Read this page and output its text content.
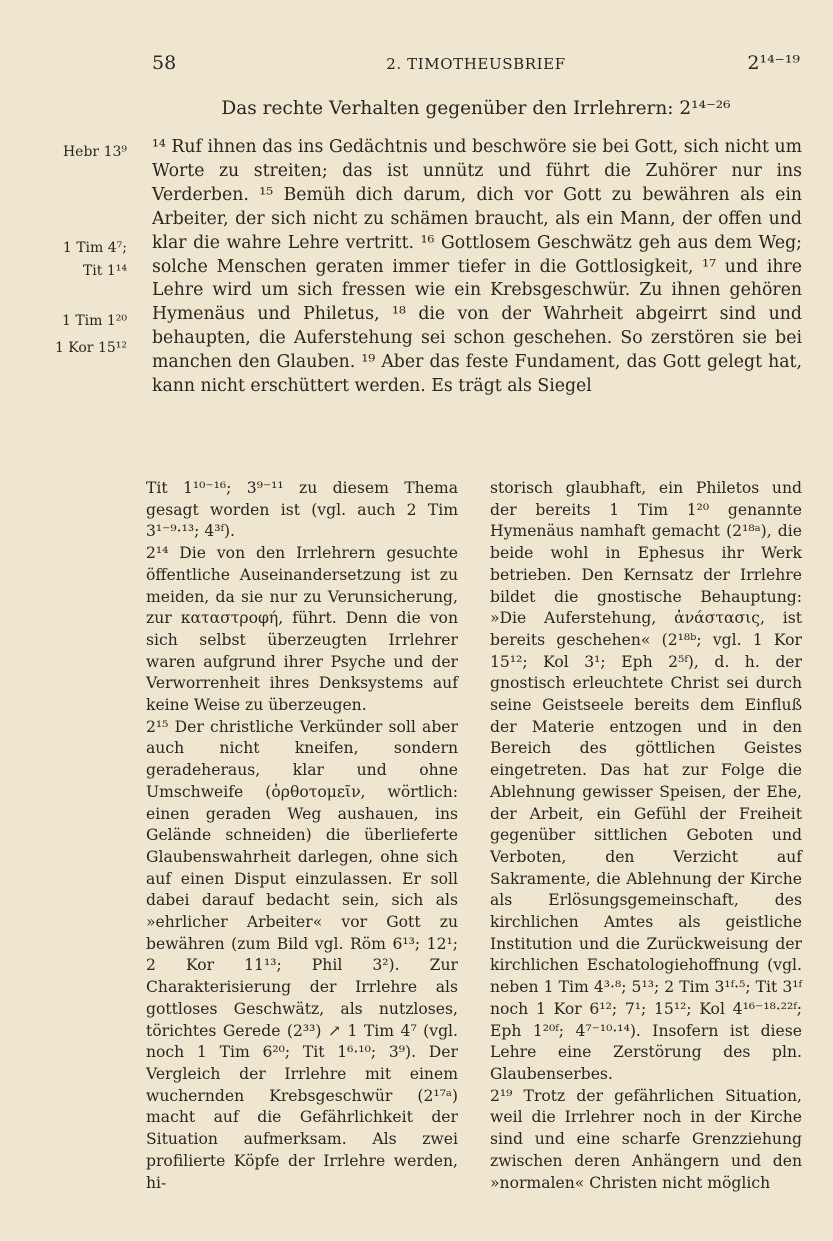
58	2. TIMOTHEUSBRIEF	2¹⁴⁻¹⁹
Das rechte Verhalten gegenüber den Irrlehrern: 2¹⁴⁻²⁶
Hebr 13⁹
1 Tim 4⁷;
Tit 1¹⁴
1 Tim 1²⁰
1 Kor 15¹²

¹⁴ Ruf ihnen das ins Gedächtnis und beschwöre sie bei Gott, sich nicht um Worte zu streiten; das ist unnütz und führt die Zuhörer nur ins Verderben. ¹⁵ Bemüh dich darum, dich vor Gott zu bewähren als ein Arbeiter, der sich nicht zu schämen braucht, als ein Mann, der offen und klar die wahre Lehre vertritt. ¹⁶ Gottlosem Geschwätz geh aus dem Weg; solche Menschen geraten immer tiefer in die Gottlosigkeit, ¹⁷ und ihre Lehre wird um sich fressen wie ein Krebsgeschwür. Zu ihnen gehören Hymenäus und Philetus, ¹⁸ die von der Wahrheit abgeirrt sind und behaupten, die Auferstehung sei schon geschehen. So zerstören sie bei manchen den Glauben. ¹⁹ Aber das feste Fundament, das Gott gelegt hat, kann nicht erschüttert werden. Es trägt als Siegel

Tit 1¹⁰⁻¹⁶; 3⁹⁻¹¹ zu diesem Thema gesagt worden ist (vgl. auch 2 Tim 3¹⁻⁹·¹³; 4³ᶠ).

2¹⁴ Die von den Irrlehrern gesuchte öffentliche Auseinandersetzung ist zu meiden, da sie nur zu Verunsicherung, zur καταστροφή, führt. Denn die von sich selbst überzeugten Irrlehrer waren aufgrund ihrer Psyche und der Verworrenheit ihres Denksystems auf keine Weise zu überzeugen.

2¹⁵ Der christliche Verkünder soll aber auch nicht kneifen, sondern geradeheraus, klar und ohne Umschweife (ὀρθοτομεῖν, wörtlich: einen geraden Weg aushauen, ins Gelände schneiden) die überlieferte Glaubenswahrheit darlegen, ohne sich auf einen Disput einzulassen. Er soll dabei darauf bedacht sein, sich als »ehrlicher Arbeiter« vor Gott zu bewähren (zum Bild vgl. Röm 6¹³; 12¹; 2 Kor 11¹³; Phil 3²). Zur Charakterisierung der Irrlehre als gottloses Geschwätz, als nutzloses, törichtes Gerede (2³³) ↗ 1 Tim 4⁷ (vgl. noch 1 Tim 6²⁰; Tit 1⁶·¹⁰; 3⁹). Der Vergleich der Irrlehre mit einem wuchernden Krebsgeschwür (2¹⁷ᵃ) macht auf die Gefährlichkeit der Situation aufmerksam. Als zwei profilierte Köpfe der Irrlehre werden, hi-

storisch glaubhaft, ein Philetos und der bereits 1 Tim 1²⁰ genannte Hymenäus namhaft gemacht (2¹⁸ᵃ), die beide wohl in Ephesus ihr Werk betrieben. Den Kernsatz der Irrlehre bildet die gnostische Behauptung: »Die Auferstehung, ἀνάστασις, ist bereits geschehen« (2¹⁸ᵇ; vgl. 1 Kor 15¹²; Kol 3¹; Eph 2⁵ᶠ), d. h. der gnostisch erleuchtete Christ sei durch seine Geistseele bereits dem Einfluß der Materie entzogen und in den Bereich des göttlichen Geistes eingetreten. Das hat zur Folge die Ablehnung gewisser Speisen, der Ehe, der Arbeit, ein Gefühl der Freiheit gegenüber sittlichen Geboten und Verboten, den Verzicht auf Sakramente, die Ablehnung der Kirche als Erlösungsgemeinschaft, des kirchlichen Amtes als geistliche Institution und die Zurückweisung der kirchlichen Eschatologiehoffnung (vgl. neben 1 Tim 4³·⁸; 5¹³; 2 Tim 3¹ᶠ·⁵; Tit 3¹ᶠ noch 1 Kor 6¹²; 7¹; 15¹²; Kol 4¹⁶⁻¹⁸·²²ᶠ; Eph 1²⁰ᶠ; 4⁷⁻¹⁰·¹⁴). Insofern ist diese Lehre eine Zerstörung des pln. Glaubenserbes.

2¹⁹ Trotz der gefährlichen Situation, weil die Irrlehrer noch in der Kirche sind und eine scharfe Grenzziehung zwischen deren Anhängern und den »normalen« Christen nicht möglich
